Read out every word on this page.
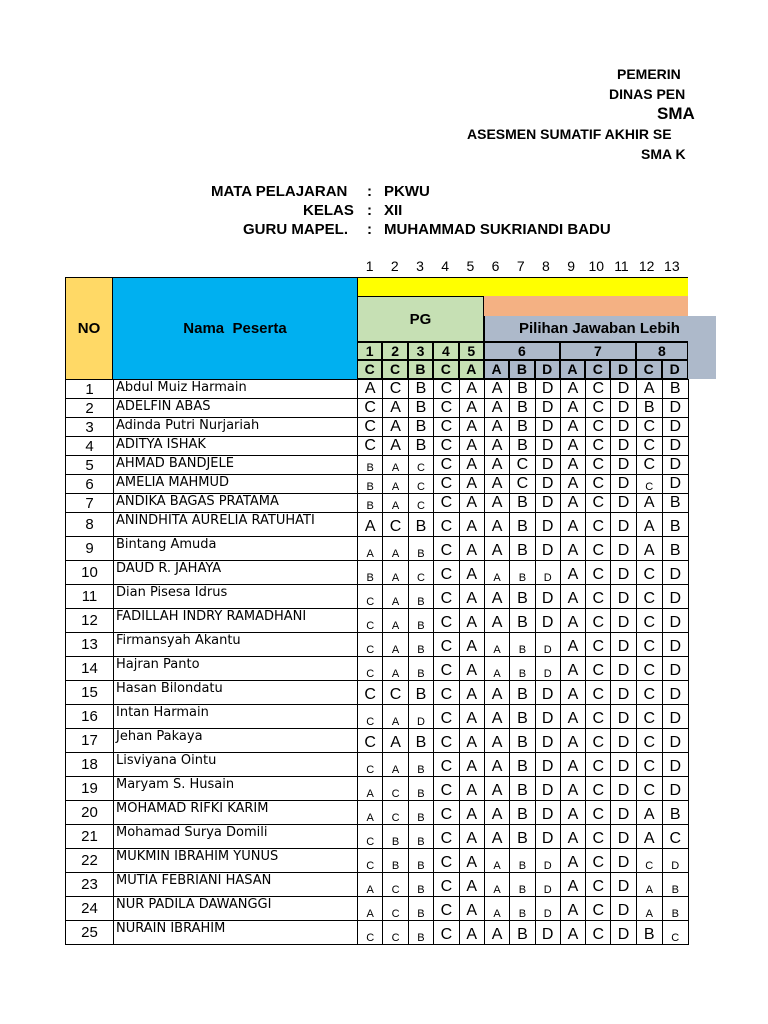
PEMERIN
DINAS PEN
SMA
ASESMEN SUMATIF AKHIR SE
SMA K
MATA PELAJARAN : PKWU
KELAS : XII
GURU MAPEL. : MUHAMMAD SUKRIANDI BADU
1	2	3	4	5	6	7	8	9 10 11 12 13
NO	Nama  Peserta
PG
Pilihan Jawaban Lebih
1	2	3	4	5	6	7	8
C	C	B	C	A	A	B	D	A	C	D	C	D
1	Abdul Muiz Harmain	A	C	B	C	A	A	B	D	A	C	D	A	B
2	ADELFIN ABAS	C	A	B	C	A	A	B	D	A	C	D	B	D
3	Adinda Putri Nurjariah	C	A	B	C	A	A	B	D	A	C	D	C	D
4	ADITYA ISHAK	C	A	B	C	A	A	B	D	A	C	D	C	D
5	AHMAD BANDJELE	B	A	C	C	A	A	C	D	A	C	D	C	D
6	AMELIA MAHMUD	B	A	C	C	A	A	C	D	A	C	D	C	D
7	ANDIKA BAGAS PRATAMA	B	A	C	C	A	A	B	D	A	C	D	A	B
8	ANINDHITA AURELIA RATUHATI	A	C	B	C	A	A	B	D	A	C	D	A	B
9	Bintang Amuda	A	A	B	C	A	A	B	D	A	C	D	A	B
10	DAUD R. JAHAYA	B	A	C	C	A	A	B	D	A	C	D	C	D
11	Dian Pisesa Idrus	C	A	B	C	A	A	B	D	A	C	D	C	D
12	FADILLAH INDRY RAMADHANI	C	A	B	C	A	A	B	D	A	C	D	C	D
13	Firmansyah Akantu	C	A	B	C	A	A	B	D	A	C	D	C	D
14	Hajran Panto	C	A	B	C	A	A	B	D	A	C	D	C	D
15	Hasan Bilondatu	C	C	B	C	A	A	B	D	A	C	D	C	D
16	Intan Harmain	C	A	D	C	A	A	B	D	A	C	D	C	D
17	Jehan Pakaya	C	A	B	C	A	A	B	D	A	C	D	C	D
18	Lisviyana Ointu	C	A	B	C	A	A	B	D	A	C	D	C	D
19	Maryam S. Husain	A	C	B	C	A	A	B	D	A	C	D	C	D
20	MOHAMAD RIFKI KARIM	A	C	B	C	A	A	B	D	A	C	D	A	B
21	Mohamad Surya Domili	C	B	B	C	A	A	B	D	A	C	D	A	C
22	MUKMIN IBRAHIM YUNUS	C	B	B	C	A	A	B	D	A	C	D	C	D
23	MUTIA FEBRIANI HASAN	A	C	B	C	A	A	B	D	A	C	D	A	B
24	NUR PADILA DAWANGGI	A	C	B	C	A	A	B	D	A	C	D	A	B
25	NURAIN IBRAHIM	C	C	B	C	A	A	B	D	A	C	D	B	C
